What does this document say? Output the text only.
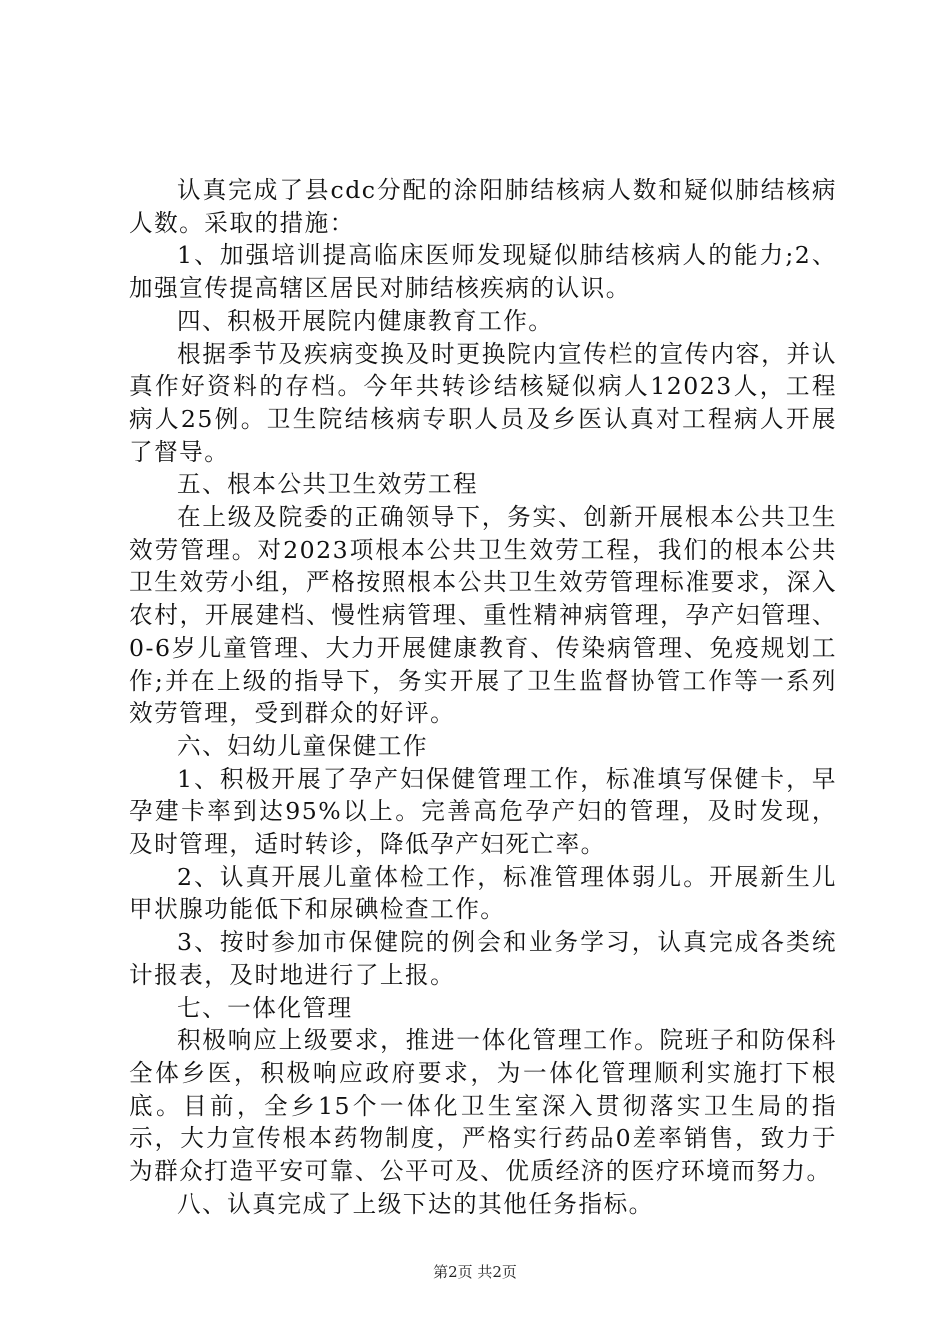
认真完成了县cdc分配的涂阳肺结核病人数和疑似肺结核病人数。采取的措施：

1、加强培训提高临床医师发现疑似肺结核病人的能力;2、加强宣传提高辖区居民对肺结核疾病的认识。

四、积极开展院内健康教育工作。

根据季节及疾病变换及时更换院内宣传栏的宣传内容，并认真作好资料的存档。今年共转诊结核疑似病人12023人，工程病人25例。卫生院结核病专职人员及乡医认真对工程病人开展了督导。

五、根本公共卫生效劳工程

在上级及院委的正确领导下，务实、创新开展根本公共卫生效劳管理。对2023项根本公共卫生效劳工程，我们的根本公共卫生效劳小组，严格按照根本公共卫生效劳管理标准要求，深入农村，开展建档、慢性病管理、重性精神病管理，孕产妇管理、0-6岁儿童管理、大力开展健康教育、传染病管理、免疫规划工作;并在上级的指导下，务实开展了卫生监督协管工作等一系列效劳管理，受到群众的好评。

六、妇幼儿童保健工作

1、积极开展了孕产妇保健管理工作，标准填写保健卡，早孕建卡率到达95%以上。完善高危孕产妇的管理，及时发现，及时管理，适时转诊，降低孕产妇死亡率。

2、认真开展儿童体检工作，标准管理体弱儿。开展新生儿甲状腺功能低下和尿碘检查工作。

3、按时参加市保健院的例会和业务学习，认真完成各类统计报表，及时地进行了上报。

七、一体化管理

积极响应上级要求，推进一体化管理工作。院班子和防保科全体乡医，积极响应政府要求，为一体化管理顺利实施打下根底。目前，全乡15个一体化卫生室深入贯彻落实卫生局的指示，大力宣传根本药物制度，严格实行药品0差率销售，致力于为群众打造平安可靠、公平可及、优质经济的医疗环境而努力。

八、认真完成了上级下达的其他任务指标。

第2页 共2页
